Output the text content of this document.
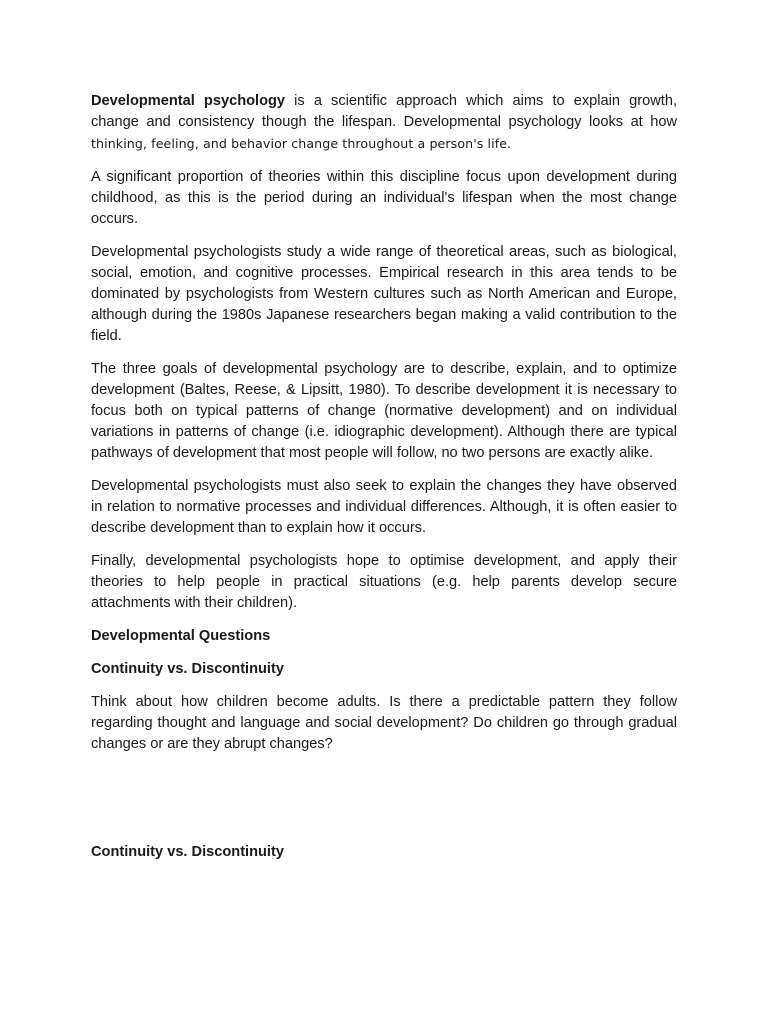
Developmental psychology is a scientific approach which aims to explain growth, change and consistency though the lifespan. Developmental psychology looks at how thinking, feeling, and behavior change throughout a person's life.

A significant proportion of theories within this discipline focus upon development during childhood, as this is the period during an individual's lifespan when the most change occurs.

Developmental psychologists study a wide range of theoretical areas, such as biological, social, emotion, and cognitive processes. Empirical research in this area tends to be dominated by psychologists from Western cultures such as North American and Europe, although during the 1980s Japanese researchers began making a valid contribution to the field.

The three goals of developmental psychology are to describe, explain, and to optimize development (Baltes, Reese, & Lipsitt, 1980). To describe development it is necessary to focus both on typical patterns of change (normative development) and on individual variations in patterns of change (i.e. idiographic development). Although there are typical pathways of development that most people will follow, no two persons are exactly alike.

Developmental psychologists must also seek to explain the changes they have observed in relation to normative processes and individual differences. Although, it is often easier to describe development than to explain how it occurs.

Finally, developmental psychologists hope to optimise development, and apply their theories to help people in practical situations (e.g. help parents develop secure attachments with their children).

Developmental Questions
Continuity vs. Discontinuity

Think about how children become adults. Is there a predictable pattern they follow regarding thought and language and social development? Do children go through gradual changes or are they abrupt changes?

Continuity vs. Discontinuity
